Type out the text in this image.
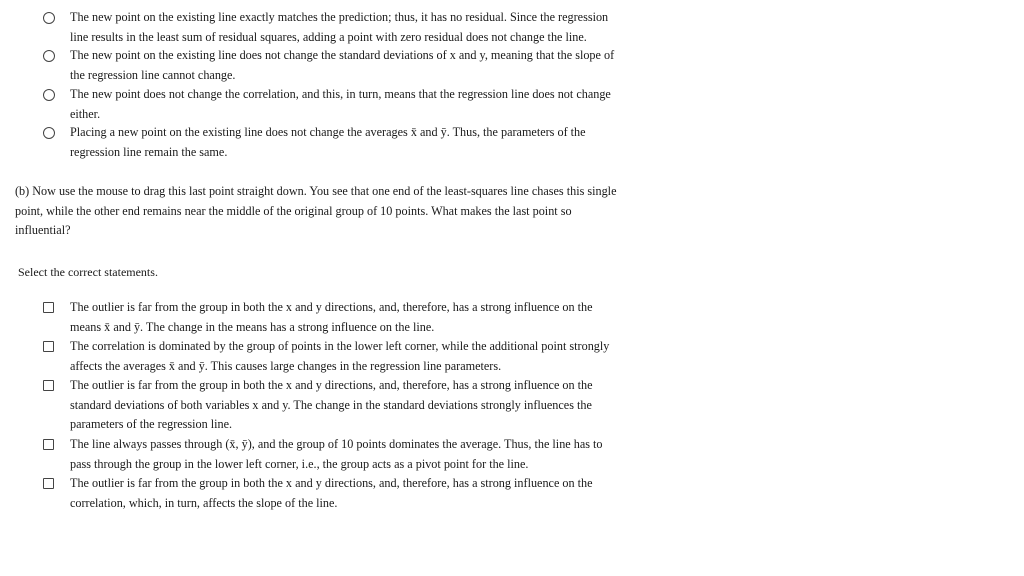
The new point on the existing line exactly matches the prediction; thus, it has no residual. Since the regression
line results in the least sum of residual squares, adding a point with zero residual does not change the line.
The new point on the existing line does not change the standard deviations of x and y, meaning that the slope of
the regression line cannot change.
The new point does not change the correlation, and this, in turn, means that the regression line does not change
either.
Placing a new point on the existing line does not change the averages x̄ and ȳ. Thus, the parameters of the
regression line remain the same.
(b) Now use the mouse to drag this last point straight down. You see that one end of the least-squares line chases this single
point, while the other end remains near the middle of the original group of 10 points. What makes the last point so
influential?
Select the correct statements.
The outlier is far from the group in both the x and y directions, and, therefore, has a strong influence on the
means x̄ and ȳ. The change in the means has a strong influence on the line.
The correlation is dominated by the group of points in the lower left corner, while the additional point strongly
affects the averages x̄ and ȳ. This causes large changes in the regression line parameters.
The outlier is far from the group in both the x and y directions, and, therefore, has a strong influence on the
standard deviations of both variables x and y. The change in the standard deviations strongly influences the
parameters of the regression line.
The line always passes through (x̄, ȳ), and the group of 10 points dominates the average. Thus, the line has to
pass through the group in the lower left corner, i.e., the group acts as a pivot point for the line.
The outlier is far from the group in both the x and y directions, and, therefore, has a strong influence on the
correlation, which, in turn, affects the slope of the line.
